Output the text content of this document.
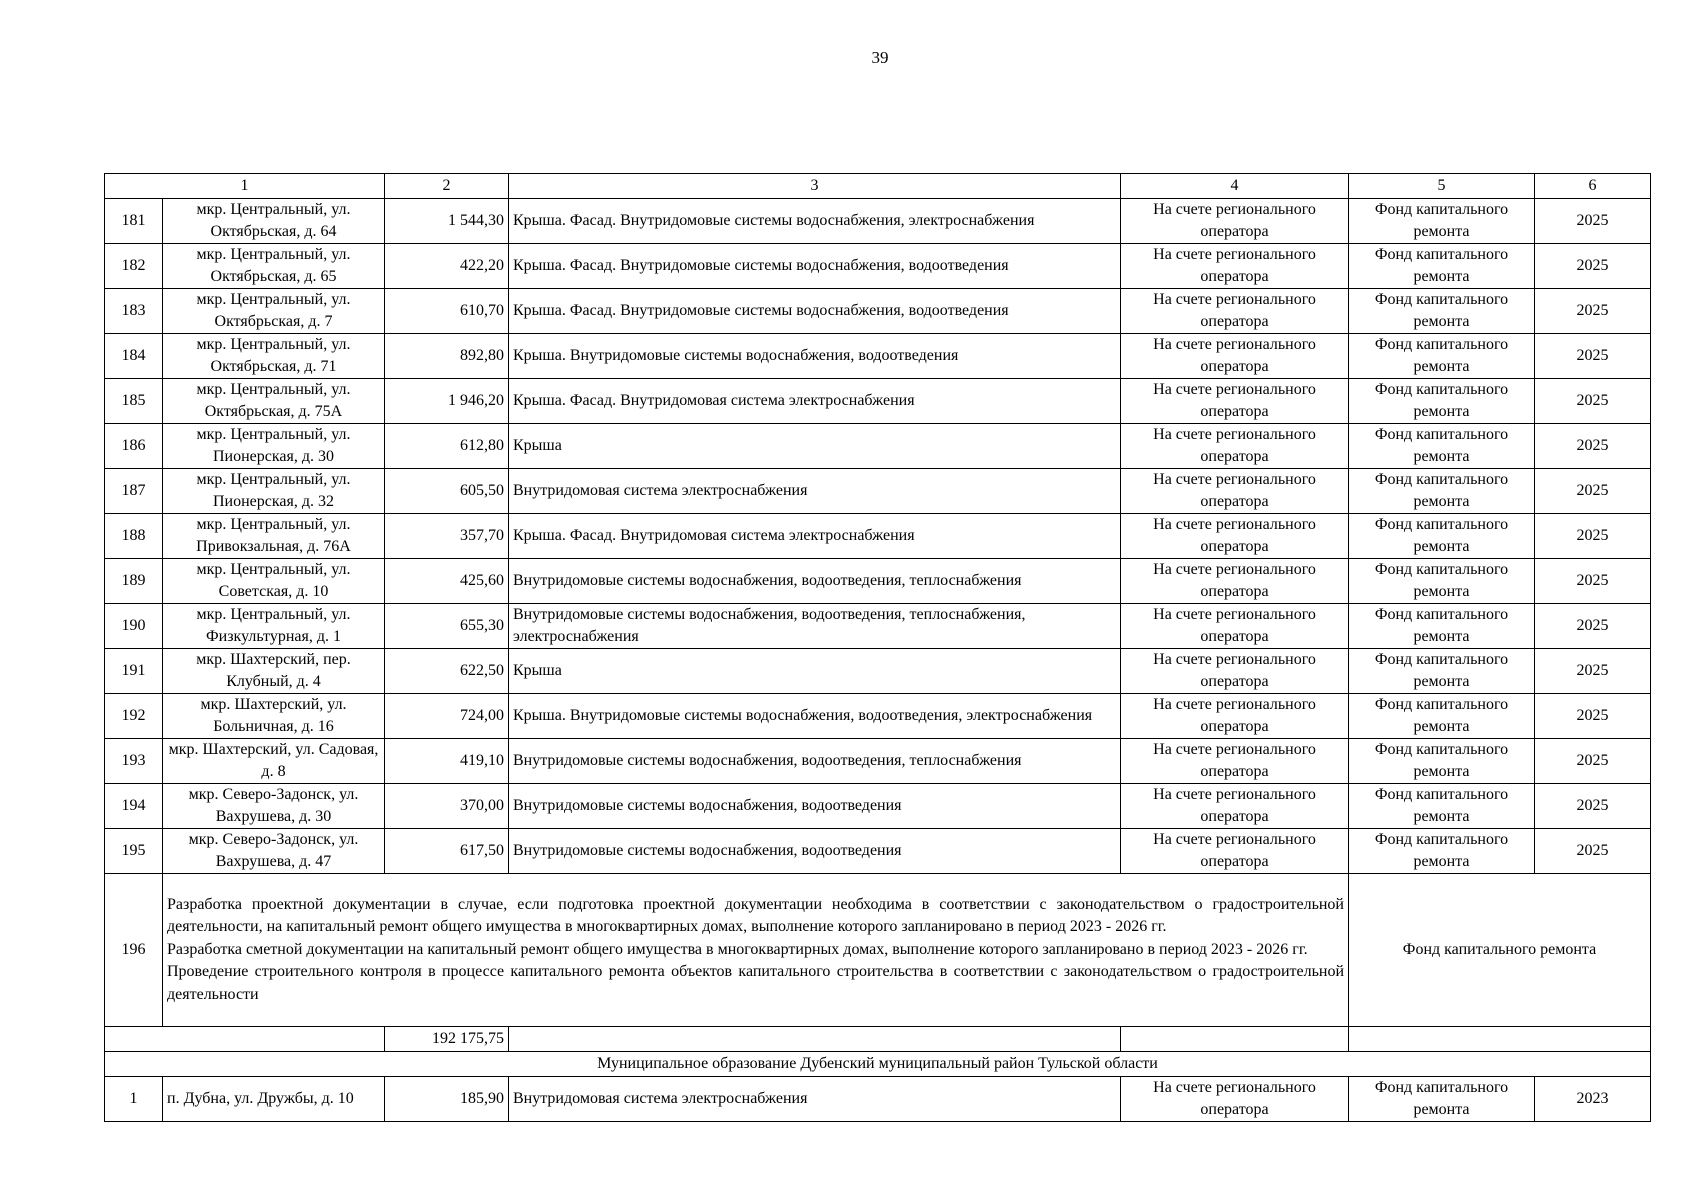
39
1		2	3	4	5	6
181	мкр. Центральный, ул. Октябрьская, д. 64	1 544,30	Крыша. Фасад. Внутридомовые системы водоснабжения, электроснабжения	На счете регионального оператора	Фонд капитального ремонта	2025
182	мкр. Центральный, ул. Октябрьская, д. 65	422,20	Крыша. Фасад. Внутридомовые системы водоснабжения, водоотведения	На счете регионального оператора	Фонд капитального ремонта	2025
183	мкр. Центральный, ул. Октябрьская, д. 7	610,70	Крыша. Фасад. Внутридомовые системы водоснабжения, водоотведения	На счете регионального оператора	Фонд капитального ремонта	2025
184	мкр. Центральный, ул. Октябрьская, д. 71	892,80	Крыша. Внутридомовые системы водоснабжения, водоотведения	На счете регионального оператора	Фонд капитального ремонта	2025
185	мкр. Центральный, ул. Октябрьская, д. 75А	1 946,20	Крыша. Фасад. Внутридомовая система электроснабжения	На счете регионального оператора	Фонд капитального ремонта	2025
186	мкр. Центральный, ул. Пионерская, д. 30	612,80	Крыша	На счете регионального оператора	Фонд капитального ремонта	2025
187	мкр. Центральный, ул. Пионерская, д. 32	605,50	Внутридомовая система электроснабжения	На счете регионального оператора	Фонд капитального ремонта	2025
188	мкр. Центральный, ул. Привокзальная, д. 76А	357,70	Крыша. Фасад. Внутридомовая система электроснабжения	На счете регионального оператора	Фонд капитального ремонта	2025
189	мкр. Центральный, ул. Советская, д. 10	425,60	Внутридомовые системы водоснабжения, водоотведения, теплоснабжения	На счете регионального оператора	Фонд капитального ремонта	2025
190	мкр. Центральный, ул. Физкультурная, д. 1	655,30	Внутридомовые системы водоснабжения, водоотведения, теплоснабжения, электроснабжения	На счете регионального оператора	Фонд капитального ремонта	2025
191	мкр. Шахтерский, пер. Клубный, д. 4	622,50	Крыша	На счете регионального оператора	Фонд капитального ремонта	2025
192	мкр. Шахтерский, ул. Больничная, д. 16	724,00	Крыша. Внутридомовые системы водоснабжения, водоотведения, электроснабжения	На счете регионального оператора	Фонд капитального ремонта	2025
193	мкр. Шахтерский, ул. Садовая, д. 8	419,10	Внутридомовые системы водоснабжения, водоотведения, теплоснабжения	На счете регионального оператора	Фонд капитального ремонта	2025
194	мкр. Северо-Задонск, ул. Вахрушева, д. 30	370,00	Внутридомовые системы водоснабжения, водоотведения	На счете регионального оператора	Фонд капитального ремонта	2025
195	мкр. Северо-Задонск, ул. Вахрушева, д. 47	617,50	Внутридомовые системы водоснабжения, водоотведения	На счете регионального оператора	Фонд капитального ремонта	2025
196	Разработка проектной документации в случае, если подготовка проектной документации необходима в соответствии с законодательством о градостроительной деятельности, на капитальный ремонт общего имущества в многоквартирных домах, выполнение которого запланировано в период 2023 - 2026 гг.

Разработка сметной документации на капитальный ремонт общего имущества в многоквартирных домах, выполнение которого запланировано в период 2023 - 2026 гг.

Проведение строительного контроля в процессе капитального ремонта объектов капитального строительства в соответствии с законодательством о градостроительной деятельности				Фонд капитального ремонта	
		192 175,75				
Муниципальное образование Дубенский муниципальный район Тульской области						
1	п. Дубна, ул. Дружбы, д. 10	185,90	Внутридомовая система электроснабжения	На счете регионального оператора	Фонд капитального ремонта	2023
